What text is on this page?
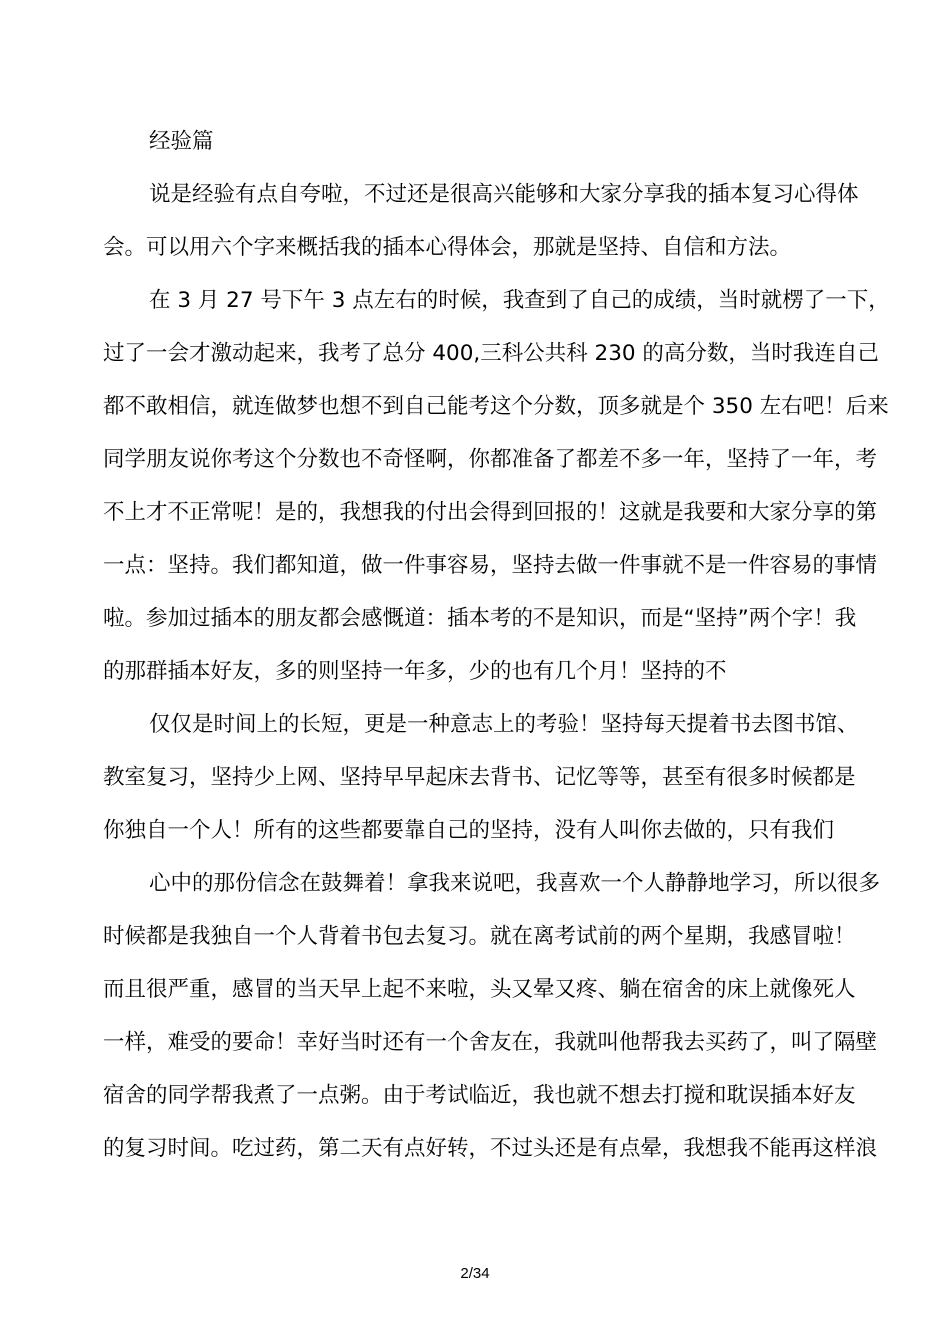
经验篇
说是经验有点自夸啦，不过还是很高兴能够和大家分享我的插本复习心得体
会。可以用六个字来概括我的插本心得体会，那就是坚持、自信和方法。
在 3 月 27 号下午 3 点左右的时候，我查到了自己的成绩，当时就楞了一下，
过了一会才激动起来，我考了总分 400,三科公共科 230 的高分数，当时我连自己
都不敢相信，就连做梦也想不到自己能考这个分数，顶多就是个 350 左右吧！后来
同学朋友说你考这个分数也不奇怪啊，你都准备了都差不多一年，坚持了一年，考
不上才不正常呢！是的，我想我的付出会得到回报的！这就是我要和大家分享的第
一点：坚持。我们都知道，做一件事容易，坚持去做一件事就不是一件容易的事情
啦。参加过插本的朋友都会感慨道：插本考的不是知识，而是“坚持”两个字！我
的那群插本好友，多的则坚持一年多，少的也有几个月！坚持的不
仅仅是时间上的长短，更是一种意志上的考验！坚持每天提着书去图书馆、
教室复习，坚持少上网、坚持早早起床去背书、记忆等等，甚至有很多时候都是
你独自一个人！所有的这些都要靠自己的坚持，没有人叫你去做的，只有我们
心中的那份信念在鼓舞着！拿我来说吧，我喜欢一个人静静地学习，所以很多
时候都是我独自一个人背着书包去复习。就在离考试前的两个星期，我感冒啦！
而且很严重，感冒的当天早上起不来啦，头又晕又疼、躺在宿舍的床上就像死人
一样，难受的要命！幸好当时还有一个舍友在，我就叫他帮我去买药了，叫了隔壁
宿舍的同学帮我煮了一点粥。由于考试临近，我也就不想去打搅和耽误插本好友
的复习时间。吃过药，第二天有点好转，不过头还是有点晕，我想我不能再这样浪
2/34
